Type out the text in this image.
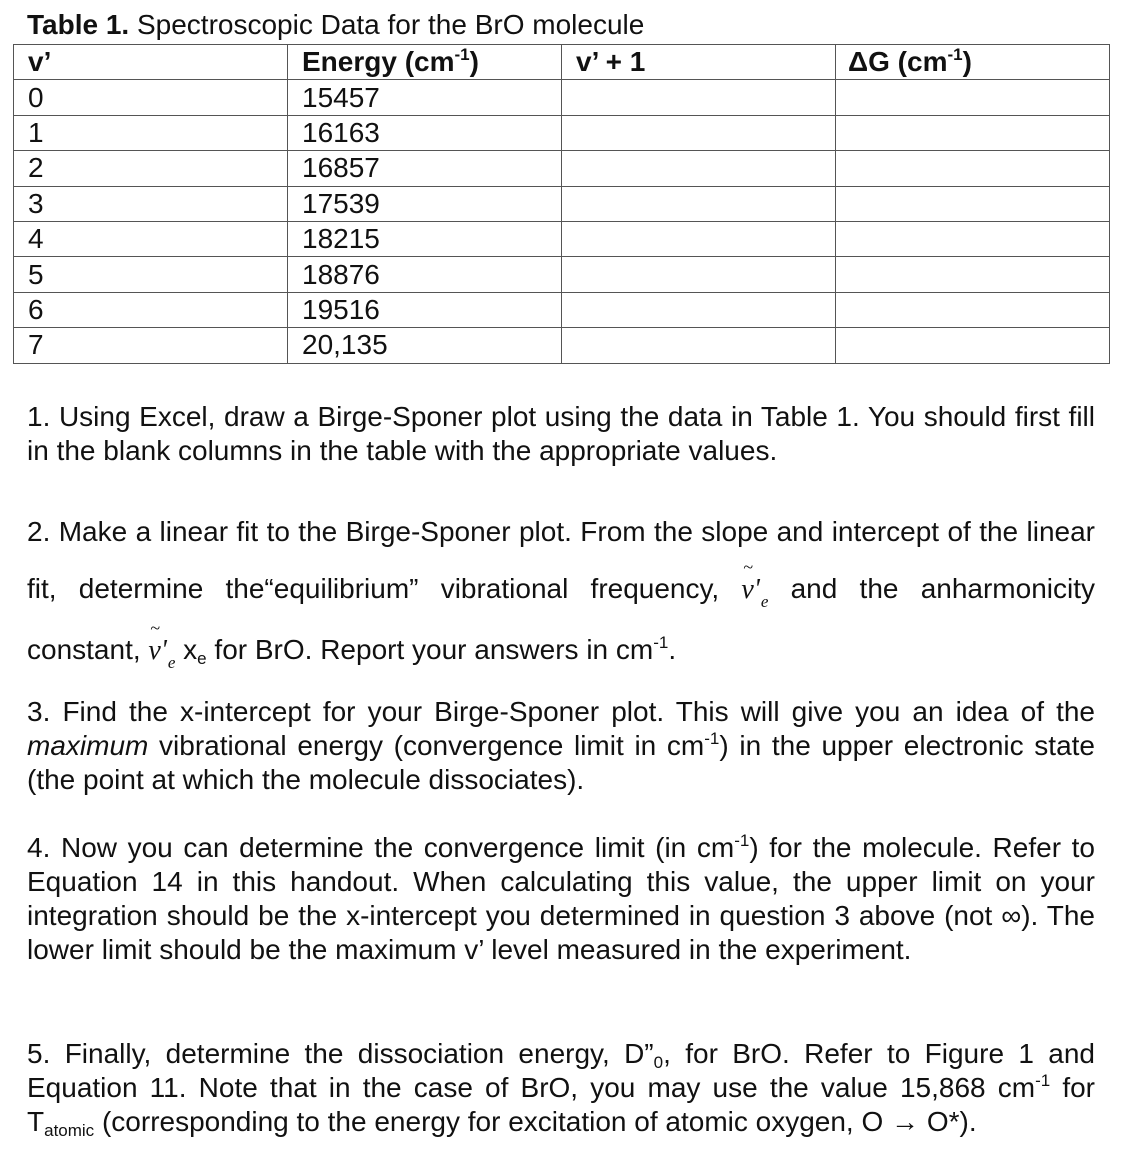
Table 1. Spectroscopic Data for the BrO molecule
v’	Energy $(cm^{-1})$	v’ + 1	ΔG $(cm^{-1})$
0	15457		
1	16163		
2	16857		
3	17539		
4	18215		
5	18876		
6	19516		
7	20,135		
1. Using Excel, draw a Birge-Sponer plot using the data in Table 1. You should first fill in the blank columns in the table with the appropriate values.
2. Make a linear fit to the Birge-Sponer plot. From the slope and intercept of the linear fit, determine the“equilibrium” vibrational frequency,
~
$\nu'_e$ and the anharmonicity constant,
~
$\nu'_e$ $x_e$ for BrO. Report your answers in $cm^{-1}$.
3. Find the x-intercept for your Birge-Sponer plot. This will give you an idea of the maximum vibrational energy (convergence limit in $cm^{-1}$) in the upper electronic state (the point at which the molecule dissociates).
4. Now you can determine the convergence limit (in $cm^{-1}$) for the molecule. Refer to Equation 14 in this handout. When calculating this value, the upper limit on your integration should be the x-intercept you determined in question 3 above (not ∞). The lower limit should be the maximum v’ level measured in the experiment.
5. Finally, determine the dissociation energy, $D”_0$, for BrO. Refer to Figure 1 and Equation 11. Note that in the case of BrO, you may use the value 15,868 $cm^{-1}$ for $T_{atomic}$ (corresponding to the energy for excitation of atomic oxygen, O → O*).
